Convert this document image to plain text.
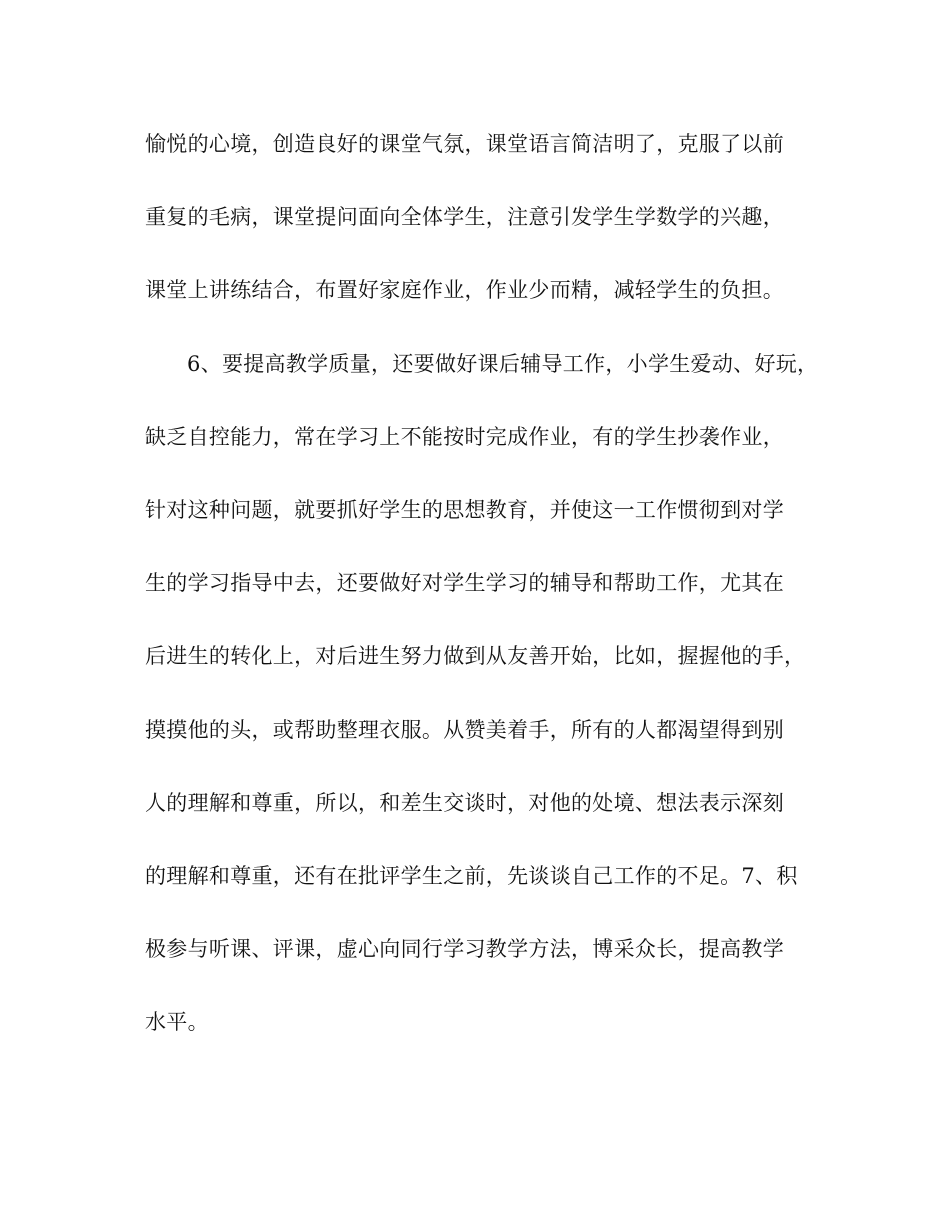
愉悦的心境，创造良好的课堂气氛，课堂语言简洁明了，克服了以前
重复的毛病，课堂提问面向全体学生，注意引发学生学数学的兴趣，
课堂上讲练结合，布置好家庭作业，作业少而精，减轻学生的负担。
6、要提高教学质量，还要做好课后辅导工作，小学生爱动、好玩，
缺乏自控能力，常在学习上不能按时完成作业，有的学生抄袭作业，
针对这种问题，就要抓好学生的思想教育，并使这一工作惯彻到对学
生的学习指导中去，还要做好对学生学习的辅导和帮助工作，尤其在
后进生的转化上，对后进生努力做到从友善开始，比如，握握他的手，
摸摸他的头，或帮助整理衣服。从赞美着手，所有的人都渴望得到别
人的理解和尊重，所以，和差生交谈时，对他的处境、想法表示深刻
的理解和尊重，还有在批评学生之前，先谈谈自己工作的不足。7、积
极参与听课、评课，虚心向同行学习教学方法，博采众长，提高教学
水平。
